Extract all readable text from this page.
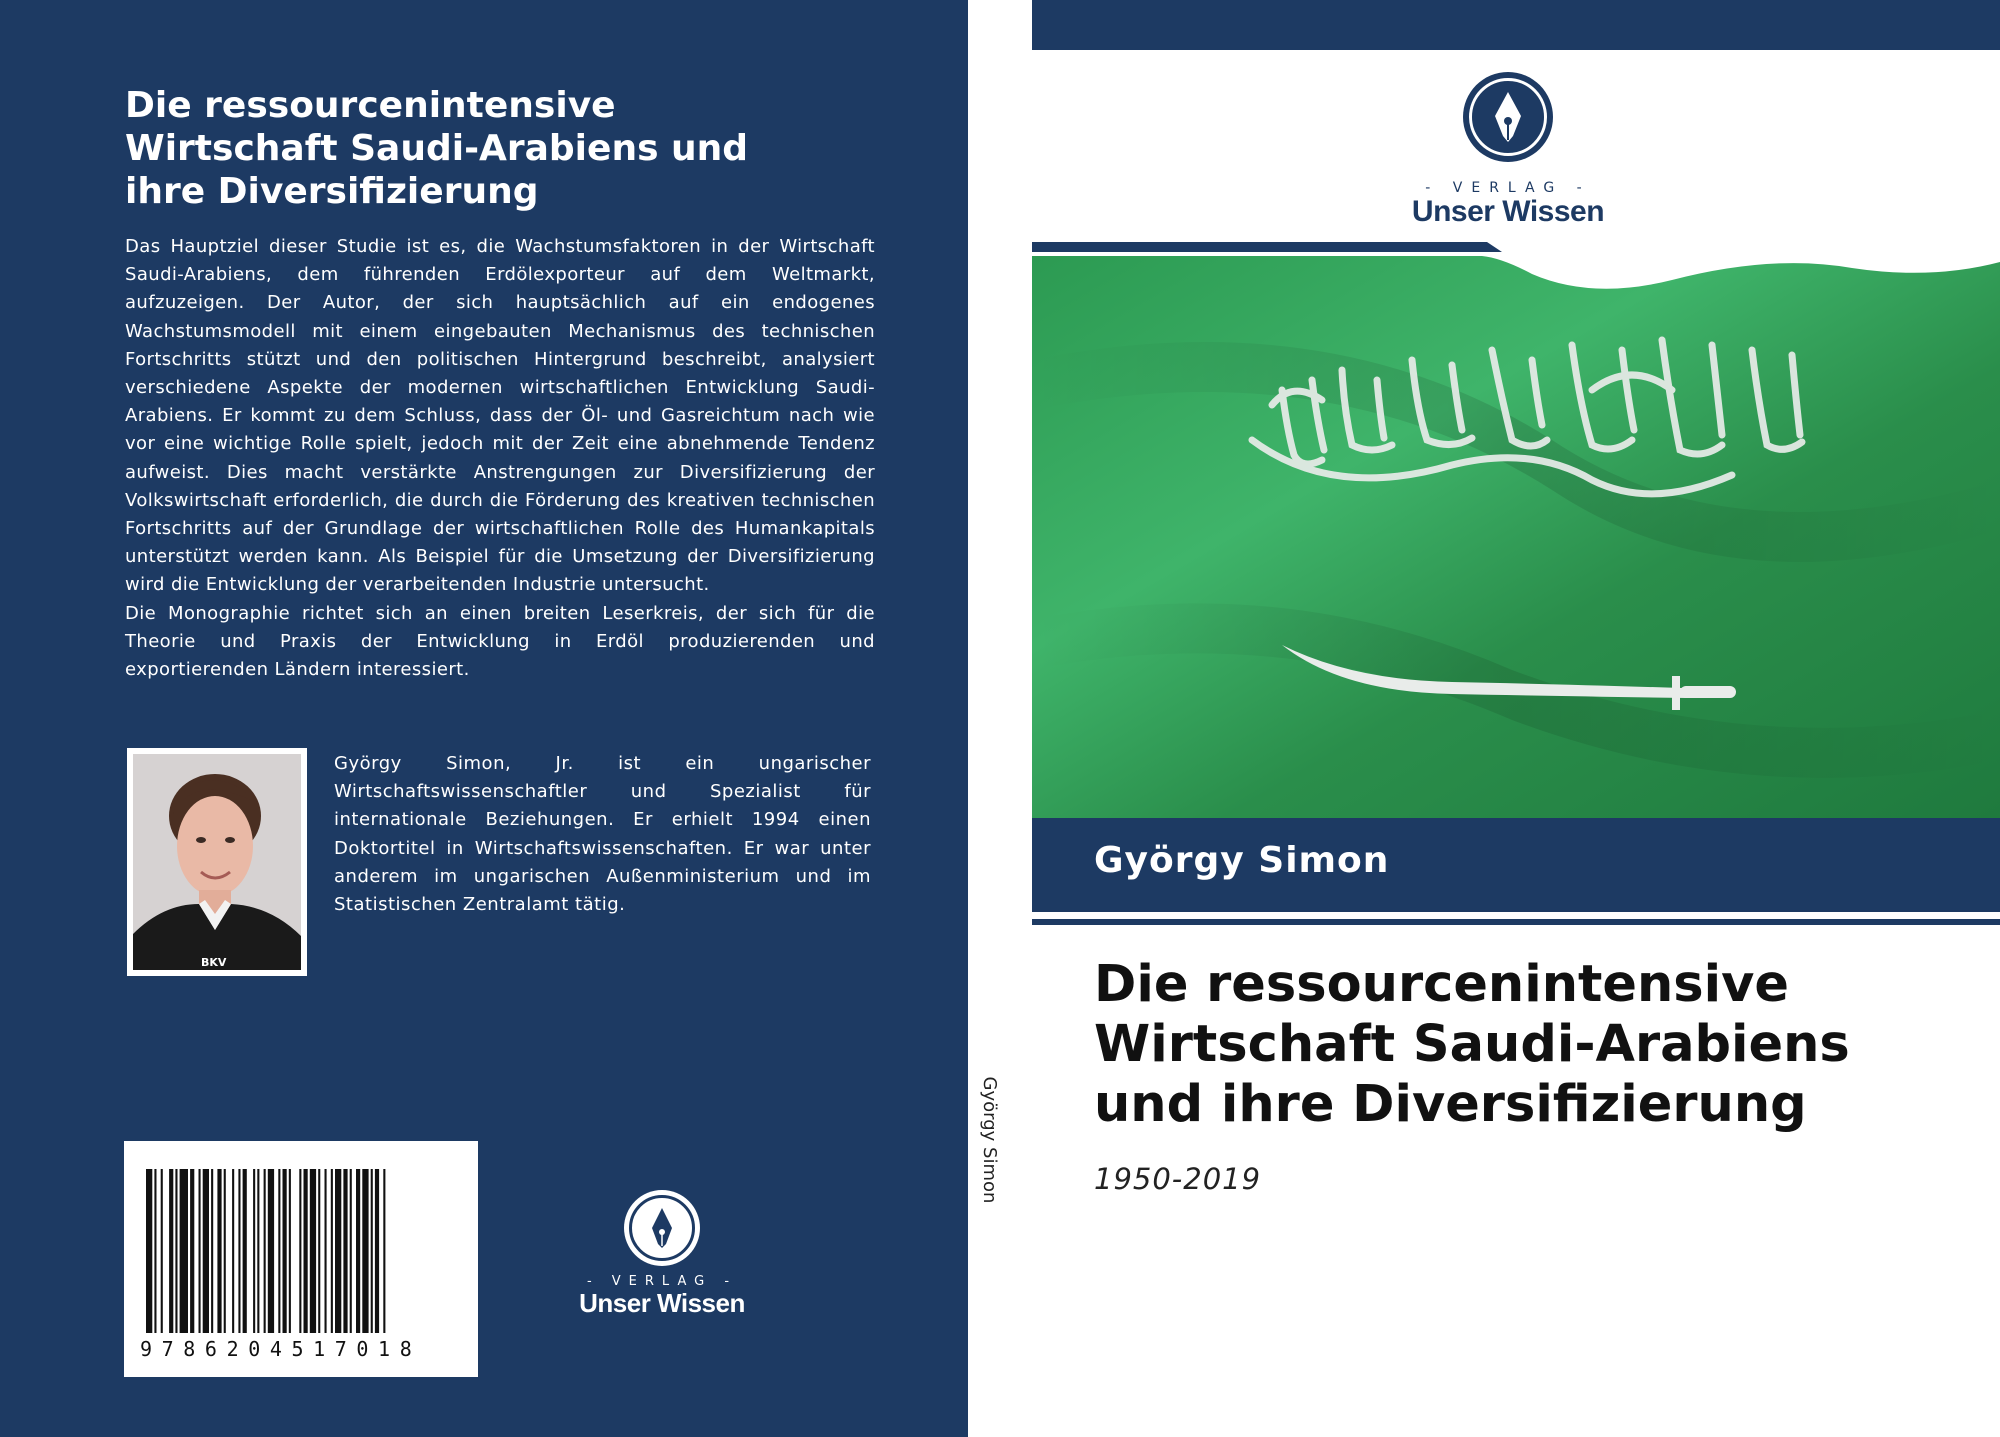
Die ressourcenintensive
Wirtschaft Saudi-Arabiens und
ihre Diversifizierung

Das Hauptziel dieser Studie ist es, die Wachstumsfaktoren in der Wirtschaft Saudi-Arabiens, dem führenden Erdölexporteur auf dem Weltmarkt, aufzuzeigen. Der Autor, der sich hauptsächlich auf ein endogenes Wachstumsmodell mit einem eingebauten Mechanismus des technischen Fortschritts stützt und den politischen Hintergrund beschreibt, analysiert verschiedene Aspekte der modernen wirtschaftlichen Entwicklung Saudi-Arabiens. Er kommt zu dem Schluss, dass der Öl- und Gasreichtum nach wie vor eine wichtige Rolle spielt, jedoch mit der Zeit eine abnehmende Tendenz aufweist. Dies macht verstärkte Anstrengungen zur Diversifizierung der Volkswirtschaft erforderlich, die durch die Förderung des kreativen technischen Fortschritts auf der Grundlage der wirtschaftlichen Rolle des Humankapitals unterstützt werden kann. Als Beispiel für die Umsetzung der Diversifizierung wird die Entwicklung der verarbeitenden Industrie untersucht.

Die Monographie richtet sich an einen breiten Leserkreis, der sich für die Theorie und Praxis der Entwicklung in Erdöl produzierenden und exportierenden Ländern interessiert.

BKV
György Simon, Jr. ist ein ungarischer Wirtschaftswissenschaftler und Spezialist für internationale Beziehungen. Er erhielt 1994 einen Doktortitel in Wirtschaftswissenschaften. Er war unter anderem im ungarischen Außenministerium und im Statistischen Zentralamt tätig.
9786204517018
- VERLAG -
Unser Wissen
György Simon
- VERLAG -
Unser Wissen
György Simon
Die ressourcenintensive
Wirtschaft Saudi-Arabiens
und ihre Diversifizierung
1950-2019
